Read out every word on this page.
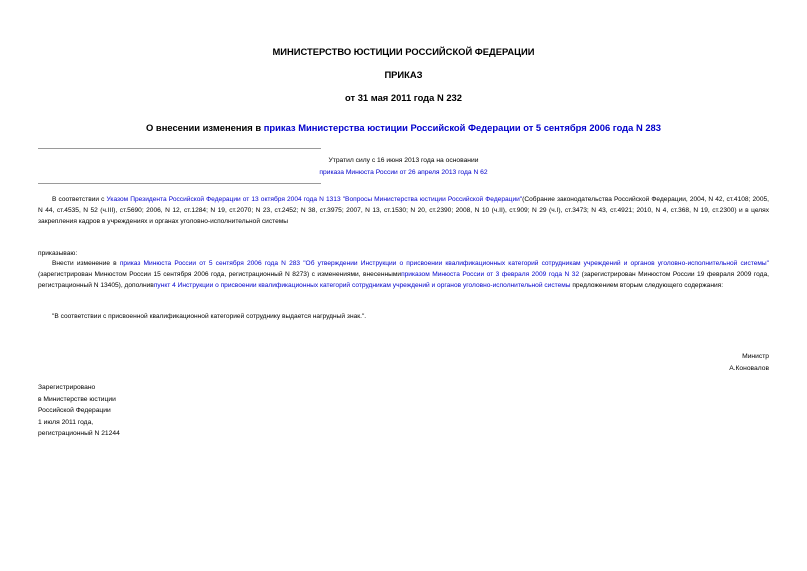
МИНИСТЕРСТВО ЮСТИЦИИ РОССИЙСКОЙ ФЕДЕРАЦИИ
ПРИКАЗ
от 31 мая 2011 года N 232
О внесении изменения в приказ Министерства юстиции Российской Федерации от 5 сентября 2006 года N 283
Утратил силу с 16 июня 2013 года на основании
приказа Минюста России от 26 апреля 2013 года N 62
В соответствии с Указом Президента Российской Федерации от 13 октября 2004 года N 1313 "Вопросы Министерства юстиции Российской Федерации"(Собрание законодательства Российской Федерации, 2004, N 42, ст.4108; 2005, N 44, ст.4535, N 52 (ч.III), ст.5690; 2006, N 12, ст.1284; N 19, ст.2070; N 23, ст.2452; N 38, ст.3975; 2007, N 13, ст.1530; N 20, ст.2390; 2008, N 10 (ч.II), ст.909; N 29 (ч.I), ст.3473; N 43, ст.4921; 2010, N 4, ст.368, N 19, ст.2300) и в целях закрепления кадров в учреждениях и органах уголовно-исполнительной системы
приказываю:
Внести изменение в приказ Минюста России от 5 сентября 2006 года N 283 "Об утверждении Инструкции о присвоении квалификационных категорий сотрудникам учреждений и органов уголовно-исполнительной системы" (зарегистрирован Минюстом России 15 сентября 2006 года, регистрационный N 8273) с изменениями, внесеннымиприказом Минюста России от 3 февраля 2009 года N 32 (зарегистрирован Минюстом России 19 февраля 2009 года, регистрационный N 13405), дополнивпункт 4 Инструкции о присвоении квалификационных категорий сотрудникам учреждений и органов уголовно-исполнительной системы предложением вторым следующего содержания:
"В соответствии с присвоенной квалификационной категорией сотруднику выдается нагрудный знак.".
Министр
А.Коновалов
Зарегистрировано
в Министерстве юстиции
Российской Федерации
1 июля 2011 года,
регистрационный N 21244
